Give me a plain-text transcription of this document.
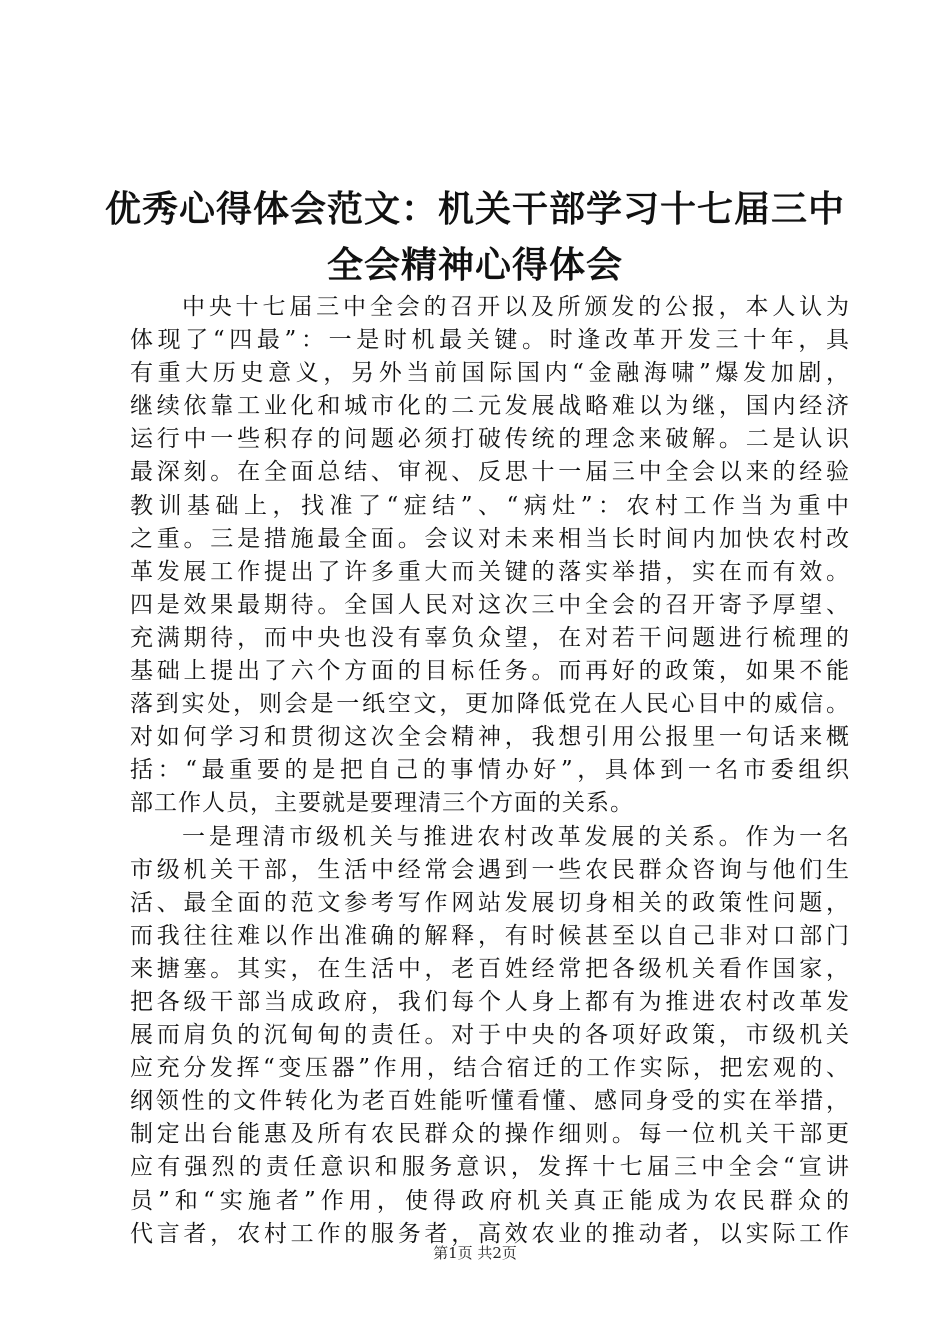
优秀心得体会范文：机关干部学习十七届三中
全会精神心得体会
中央十七届三中全会的召开以及所颁发的公报，本人认为
体现了“四最”：一是时机最关键。时逢改革开发三十年，具
有重大历史意义，另外当前国际国内“金融海啸”爆发加剧，
继续依靠工业化和城市化的二元发展战略难以为继，国内经济
运行中一些积存的问题必须打破传统的理念来破解。二是认识
最深刻。在全面总结、审视、反思十一届三中全会以来的经验
教训基础上，找准了“症结”、“病灶”：农村工作当为重中
之重。三是措施最全面。会议对未来相当长时间内加快农村改
革发展工作提出了许多重大而关键的落实举措，实在而有效。
四是效果最期待。全国人民对这次三中全会的召开寄予厚望、
充满期待，而中央也没有辜负众望，在对若干问题进行梳理的
基础上提出了六个方面的目标任务。而再好的政策，如果不能
落到实处，则会是一纸空文，更加降低党在人民心目中的威信。
对如何学习和贯彻这次全会精神，我想引用公报里一句话来概
括：“最重要的是把自己的事情办好”，具体到一名市委组织
部工作人员，主要就是要理清三个方面的关系。
一是理清市级机关与推进农村改革发展的关系。作为一名
市级机关干部，生活中经常会遇到一些农民群众咨询与他们生
活、最全面的范文参考写作网站发展切身相关的政策性问题，
而我往往难以作出准确的解释，有时候甚至以自己非对口部门
来搪塞。其实，在生活中，老百姓经常把各级机关看作国家，
把各级干部当成政府，我们每个人身上都有为推进农村改革发
展而肩负的沉甸甸的责任。对于中央的各项好政策，市级机关
应充分发挥“变压器”作用，结合宿迁的工作实际，把宏观的、
纲领性的文件转化为老百姓能听懂看懂、感同身受的实在举措，
制定出台能惠及所有农民群众的操作细则。每一位机关干部更
应有强烈的责任意识和服务意识，发挥十七届三中全会“宣讲
员”和“实施者”作用，使得政府机关真正能成为农民群众的
代言者，农村工作的服务者，高效农业的推动者，以实际工作
第1页 共2页
